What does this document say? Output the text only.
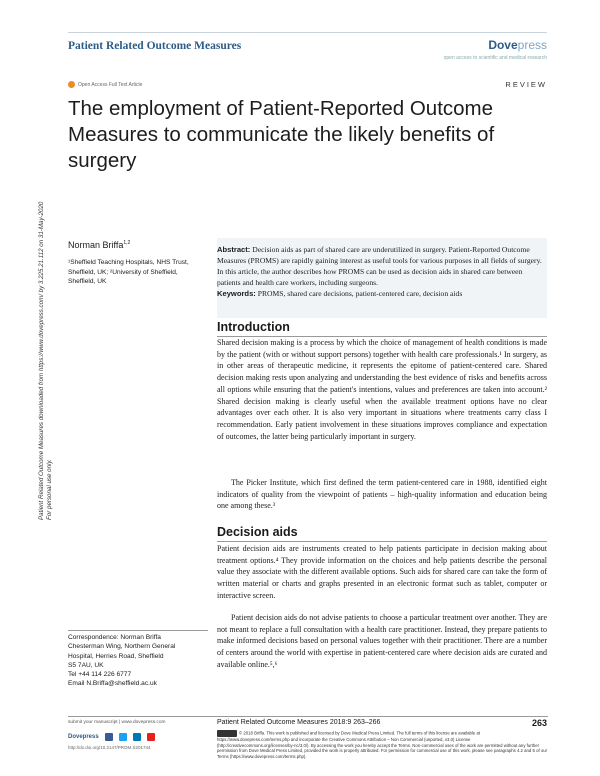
Patient Related Outcome Measures	Dovepress
open access to scientific and medical research
Open Access Full Text Article	REVIEW
The employment of Patient-Reported Outcome Measures to communicate the likely benefits of surgery
Patient Related Outcome Measures downloaded from https://www.dovepress.com/ by 3.225.21.112 on 31-May-2020 For personal use only.
Norman Briffa$^{1,2}$
¹Sheffield Teaching Hospitals, NHS Trust, Sheffield, UK; ²University of Sheffield, Sheffield, UK
Abstract: Decision aids as part of shared care are underutilized in surgery. Patient-Reported Outcome Measures (PROMS) are rapidly gaining interest as useful tools for various purposes in all fields of surgery. In this article, the author describes how PROMS can be used as decision aids in shared care between patients and health care workers, including surgeons.
Keywords: PROMS, shared care decisions, patient-centered care, decision aids
Introduction
Shared decision making is a process by which the choice of management of health conditions is made by the patient (with or without support persons) together with health care professionals.¹ In surgery, as in other areas of therapeutic medicine, it represents the epitome of patient-centered care. Shared decision making rests upon analyzing and understanding the best evidence of risks and benefits across all options while ensuring that the patient's intentions, values and preferences are taken into account.² Shared decision making is clearly useful when the available treatment options have no clear advantages over each other. It is also very important in situations where treatments carry class I recommendation. Early patient involvement in these situations improves compliance and expectation of outcomes, the latter being particularly important in surgery.
The Picker Institute, which first defined the term patient-centered care in 1988, identified eight indicators of quality from the viewpoint of patients – high-quality information and education being one among these.³
Decision aids
Patient decision aids are instruments created to help patients participate in decision making about treatment options.⁴ They provide information on the choices and help patients describe the personal value they associate with the different available options. Such aids for shared care can take the form of written material or charts and graphs presented in an electronic format such as tablet, computer or interactive screen.
Patient decision aids do not advise patients to choose a particular treatment over another. They are not meant to replace a full consultation with a health care practitioner. Instead, they prepare patients to make informed decisions based on personal values together with their practitioner. There are a number of centers around the world with expertise in patient-centered care where decision aids are curated and available online.⁵,⁶
Correspondence: Norman Briffa
Chesterman Wing, Northern General
Hospital, Herries Road, Sheffield
S5 7AU, UK
Tel +44 114 226 6777
Email N.Briffa@sheffield.ac.uk
submit your manuscript | www.dovepress.com
Dovepress
http://dx.doi.org/10.2147/PROM.S201744
Patient Related Outcome Measures 2018:9 263–266	263
© 2018 Briffa. This work is published and licensed by Dove Medical Press Limited. The full terms of this license are available at https://www.dovepress.com/terms.php and incorporate the Creative Commons Attribution – Non Commercial (unported, v3.0) License (http://creativecommons.org/licenses/by-nc/3.0/). By accessing the work you hereby accept the Terms. Non-commercial uses of the work are permitted without any further permission from Dove Medical Press Limited, provided the work is properly attributed. For permission for commercial use of this work, please see paragraphs 4.2 and 5 of our Terms (https://www.dovepress.com/terms.php).
